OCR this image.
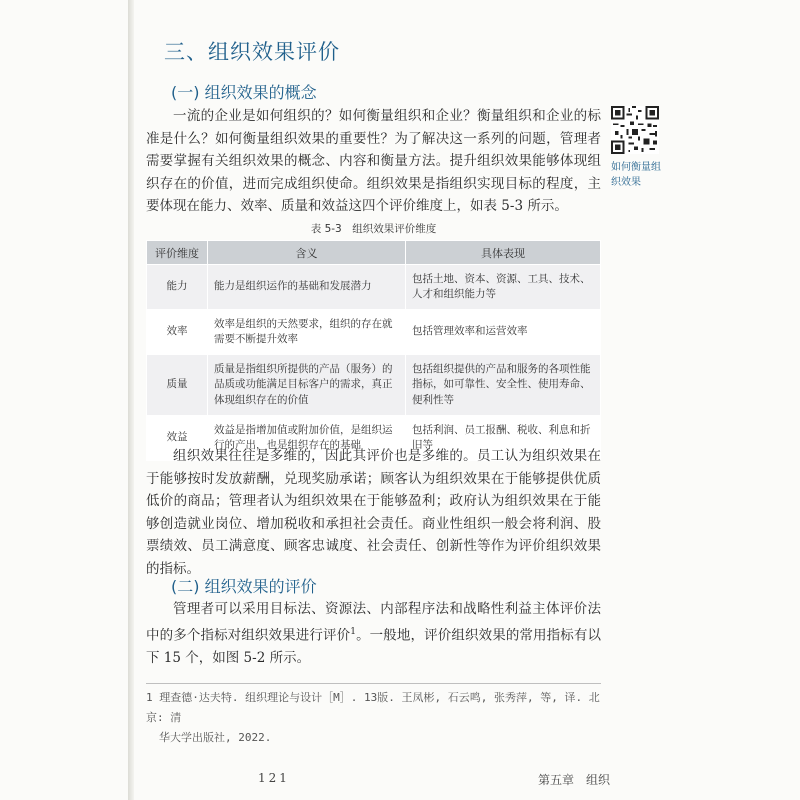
三、组织效果评价
(一) 组织效果的概念
一流的企业是如何组织的？如何衡量组织和企业？衡量组织和企业的标准是什么？如何衡量组织效果的重要性？为了解决这一系列的问题，管理者需要掌握有关组织效果的概念、内容和衡量方法。提升组织效果能够体现组织存在的价值，进而完成组织使命。组织效果是指组织实现目标的程度，主要体现在能力、效率、质量和效益这四个评价维度上，如表 5-3 所示。
如何衡量组
织效果
表 5-3　组织效果评价维度
评价维度	含义	具体表现
能力	能力是组织运作的基础和发展潜力	包括土地、资本、资源、工具、技术、人才和组织能力等
效率	效率是组织的天然要求，组织的存在就需要不断提升效率	包括管理效率和运营效率
质量	质量是指组织所提供的产品（服务）的品质或功能满足目标客户的需求，真正体现组织存在的价值	包括组织提供的产品和服务的各项性能指标，如可靠性、安全性、使用寿命、便利性等
效益	效益是指增加值或附加价值，是组织运行的产出，也是组织存在的基础	包括利润、员工报酬、税收、利息和折旧等
组织效果往往是多维的，因此其评价也是多维的。员工认为组织效果在于能够按时发放薪酬，兑现奖励承诺；顾客认为组织效果在于能够提供优质低价的商品；管理者认为组织效果在于能够盈利；政府认为组织效果在于能够创造就业岗位、增加税收和承担社会责任。商业性组织一般会将利润、股票绩效、员工满意度、顾客忠诚度、社会责任、创新性等作为评价组织效果的指标。
(二) 组织效果的评价
管理者可以采用目标法、资源法、内部程序法和战略性利益主体评价法中的多个指标对组织效果进行评价$^1$。一般地，评价组织效果的常用指标有以下 15 个，如图 5-2 所示。
1 理查德·达夫特. 组织理论与设计［M］. 13版. 王凤彬, 石云鸣, 张秀萍, 等, 译. 北京: 清
华大学出版社, 2022.
121	第五章　组织
